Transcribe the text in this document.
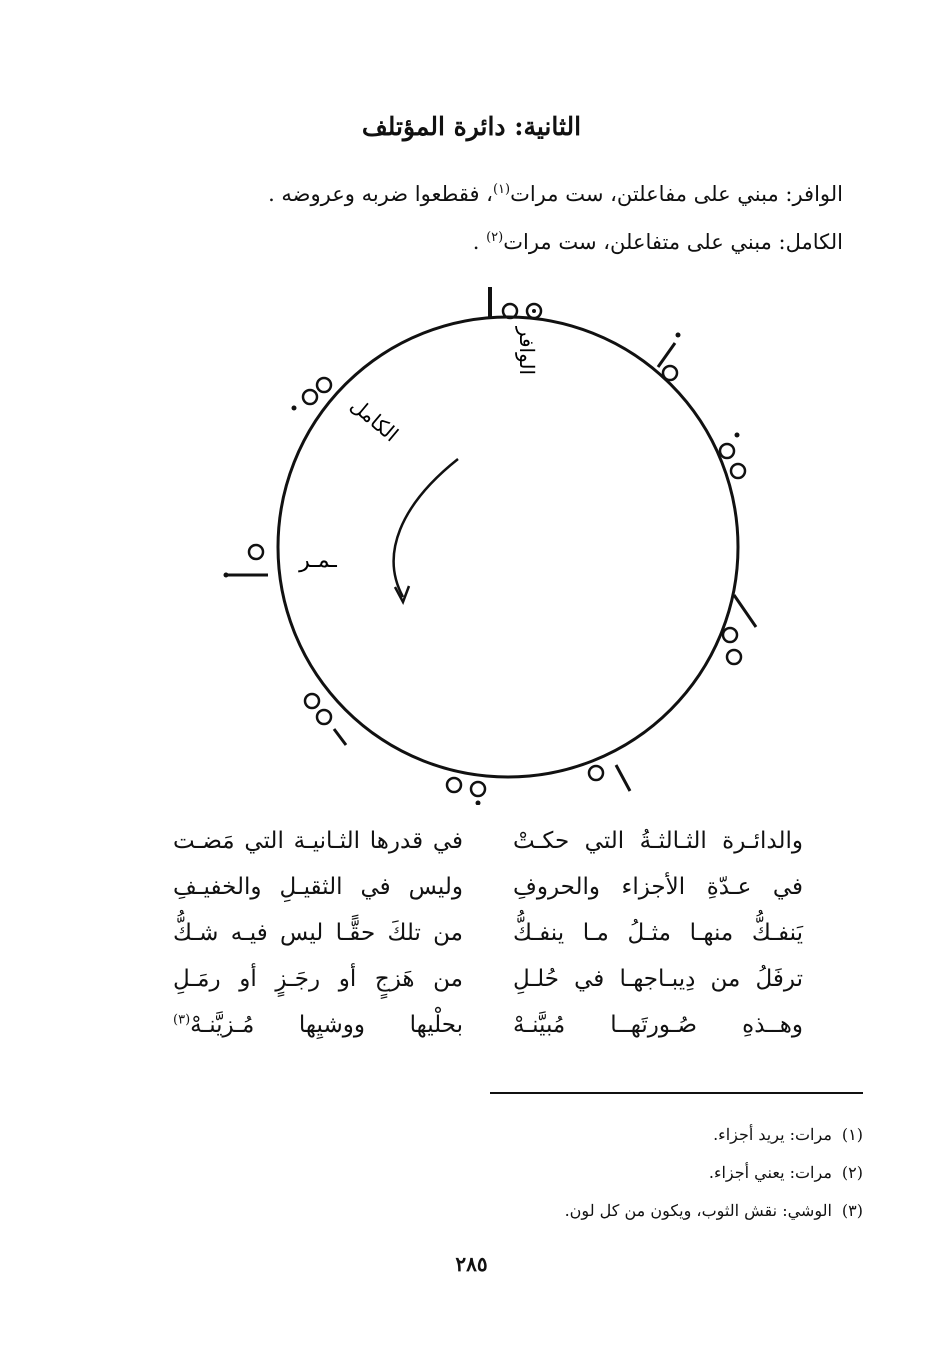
الثانية: دائرة المؤتلف
الوافر: مبني على مفاعلتن، ست مرات$^{(١)}$، فقطعوا ضربه وعروضه .
الكامل: مبني على متفاعلن، ست مرات$^{(٢)}$ .
الوافر
الكامل
ـمـر
والدائـرة الثـالثـةُ التي حكـتْ
في قدرها الثـانيـة التي مَضـت
في عـدّةِ الأجزاء والحروفِ
وليس في الثقيـلِ والخفيـفِ
يَنفـكُّ منهـا مثـلُ مـا ينفـكُّ
من تلكَ حقًّـا ليس فيـه شـكُّ
ترفَلُ من دِيبـاجهـا في حُلـلِ
من هَزجٍ أو رجَـزٍ أو رمَـلِ
وهــذهِ صُـورتَهــا مُبيَّنـهْ
بحلْيها ووشيِها مُـزيَّنـهْ$^{(٣)}$
(١)مرات: يريد أجزاء.
(٢)مرات: يعني أجزاء.
(٣)الوشي: نقش الثوب، ويكون من كل لون.
٢٨٥
